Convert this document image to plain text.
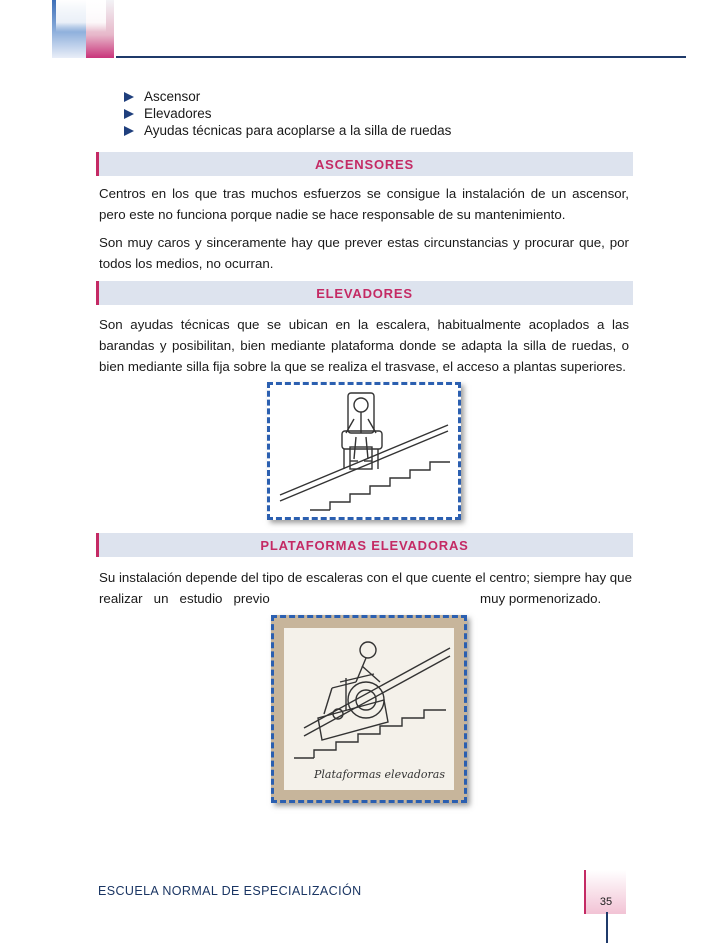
Ascensor
Elevadores
Ayudas técnicas para acoplarse a la silla de ruedas
ASCENSORES

Centros en los que tras muchos esfuerzos se consigue la instalación de un ascensor, pero este no funciona porque nadie se hace responsable de su mantenimiento.

Son muy caros y sinceramente hay que prever estas circunstancias y procurar que, por todos los medios, no ocurran.

ELEVADORES

Son ayudas técnicas que se ubican en la escalera, habitualmente acoplados a las barandas y posibilitan, bien mediante plataforma donde se adapta la silla de ruedas, o bien mediante silla fija sobre la que se realiza el trasvase, el acceso a plantas superiores.

PLATAFORMAS ELEVADORAS
Su instalación depende del tipo de escaleras con el que cuente el centro; siempre hay que
realizar   un   estudio   previo	muy pormenorizado.
Plataformas elevadoras
ESCUELA NORMAL DE ESPECIALIZACIÓN
35
